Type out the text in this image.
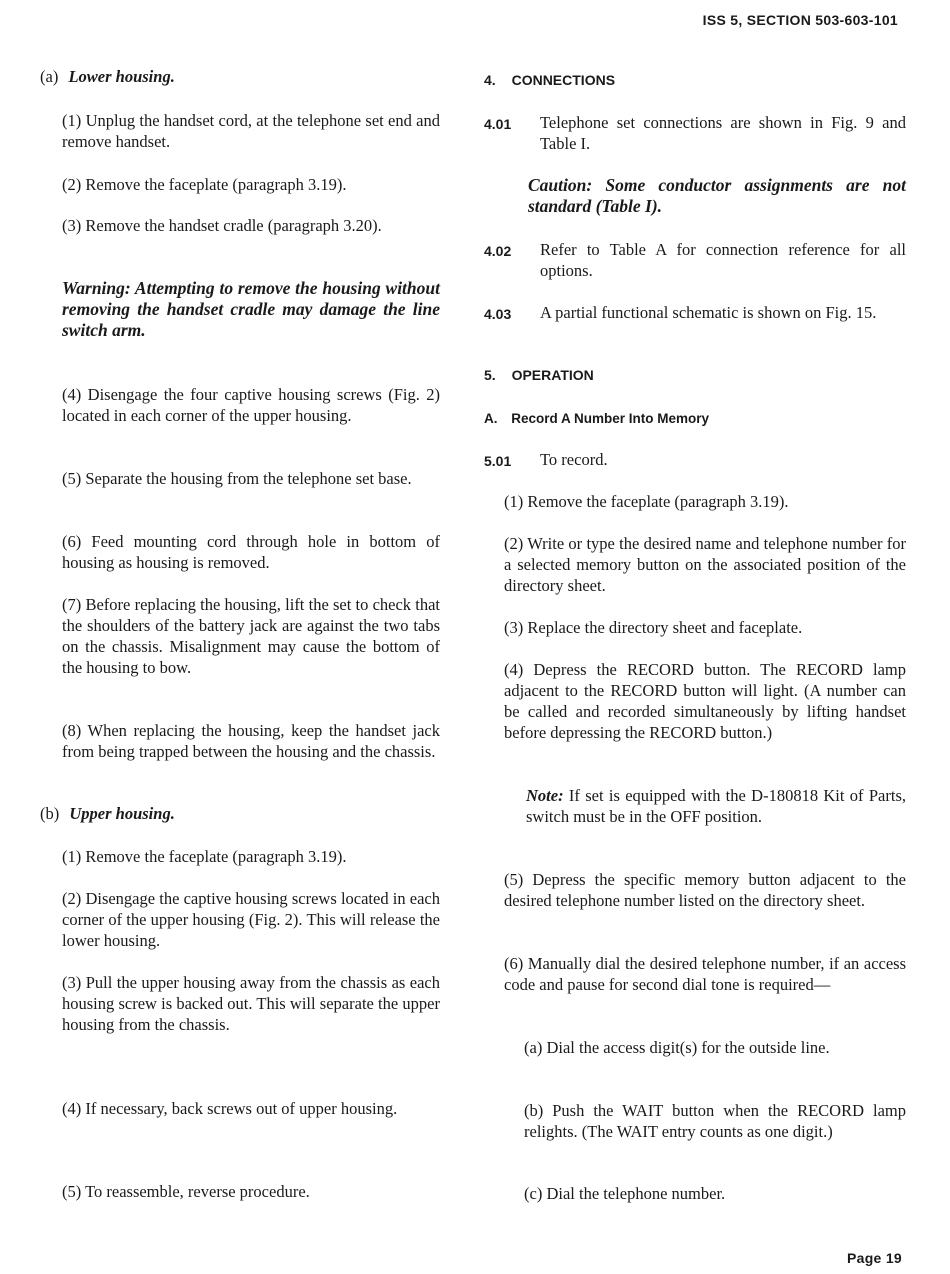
ISS 5, SECTION 503-603-101
(a) Lower housing.
(1) Unplug the handset cord, at the telephone set end and remove handset.
(2) Remove the faceplate (paragraph 3.19).
(3) Remove the handset cradle (paragraph 3.20).
Warning: Attempting to remove the housing without removing the handset cradle may damage the line switch arm.
(4) Disengage the four captive housing screws (Fig. 2) located in each corner of the upper housing.
(5) Separate the housing from the telephone set base.
(6) Feed mounting cord through hole in bottom of housing as housing is removed.
(7) Before replacing the housing, lift the set to check that the shoulders of the battery jack are against the two tabs on the chassis. Misalignment may cause the bottom of the housing to bow.
(8) When replacing the housing, keep the handset jack from being trapped between the housing and the chassis.
(b) Upper housing.
(1) Remove the faceplate (paragraph 3.19).
(2) Disengage the captive housing screws located in each corner of the upper housing (Fig. 2). This will release the lower housing.
(3) Pull the upper housing away from the chassis as each housing screw is backed out. This will separate the upper housing from the chassis.
(4) If necessary, back screws out of upper housing.
(5) To reassemble, reverse procedure.
4. CONNECTIONS
4.01 Telephone set connections are shown in Fig. 9 and Table I.
Caution: Some conductor assignments are not standard (Table I).
4.02 Refer to Table A for connection reference for all options.
4.03 A partial functional schematic is shown on Fig. 15.
5. OPERATION
A. Record A Number Into Memory
5.01 To record.
(1) Remove the faceplate (paragraph 3.19).
(2) Write or type the desired name and telephone number for a selected memory button on the associated position of the directory sheet.
(3) Replace the directory sheet and faceplate.
(4) Depress the RECORD button. The RECORD lamp adjacent to the RECORD button will light. (A number can be called and recorded simultaneously by lifting handset before depressing the RECORD button.)
Note: If set is equipped with the D-180818 Kit of Parts, switch must be in the OFF position.
(5) Depress the specific memory button adjacent to the desired telephone number listed on the directory sheet.
(6) Manually dial the desired telephone number, if an access code and pause for second dial tone is required—
(a) Dial the access digit(s) for the outside line.
(b) Push the WAIT button when the RECORD lamp relights. (The WAIT entry counts as one digit.)
(c) Dial the telephone number.
Page 19
